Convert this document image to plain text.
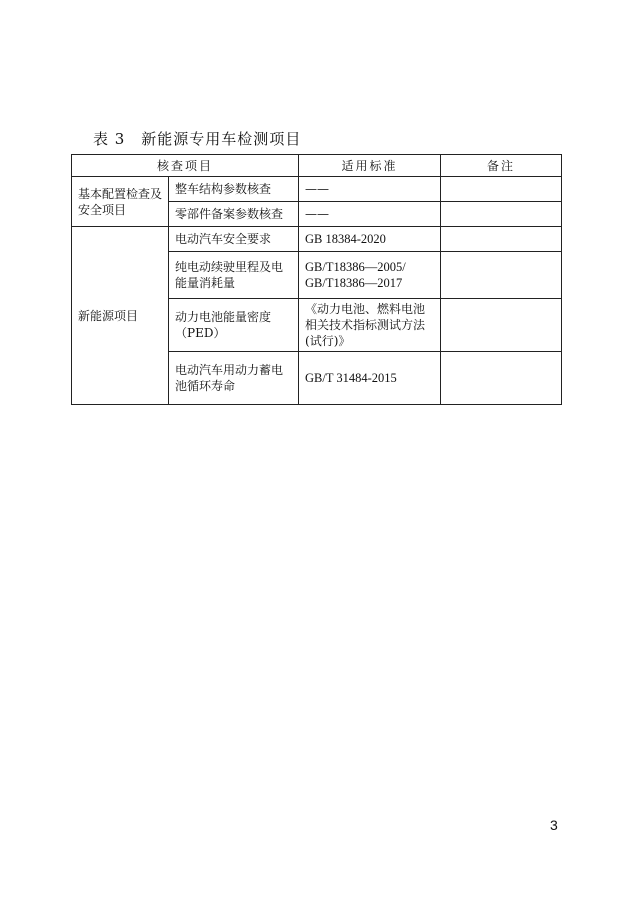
表 3　新能源专用车检测项目
核查项目		适用标准	备注
基本配置检查及安全项目	整车结构参数核查	——	
	零部件备案参数核查	——	
新能源项目	电动汽车安全要求	GB 18384-2020	
	纯电动续驶里程及电能量消耗量	GB/T18386—2005/ GB/T18386—2017	
	动力电池能量密度（PED）	《动力电池、燃料电池相关技术指标测试方法(试行)》	
	电动汽车用动力蓄电池循环寿命	GB/T 31484-2015	
3
